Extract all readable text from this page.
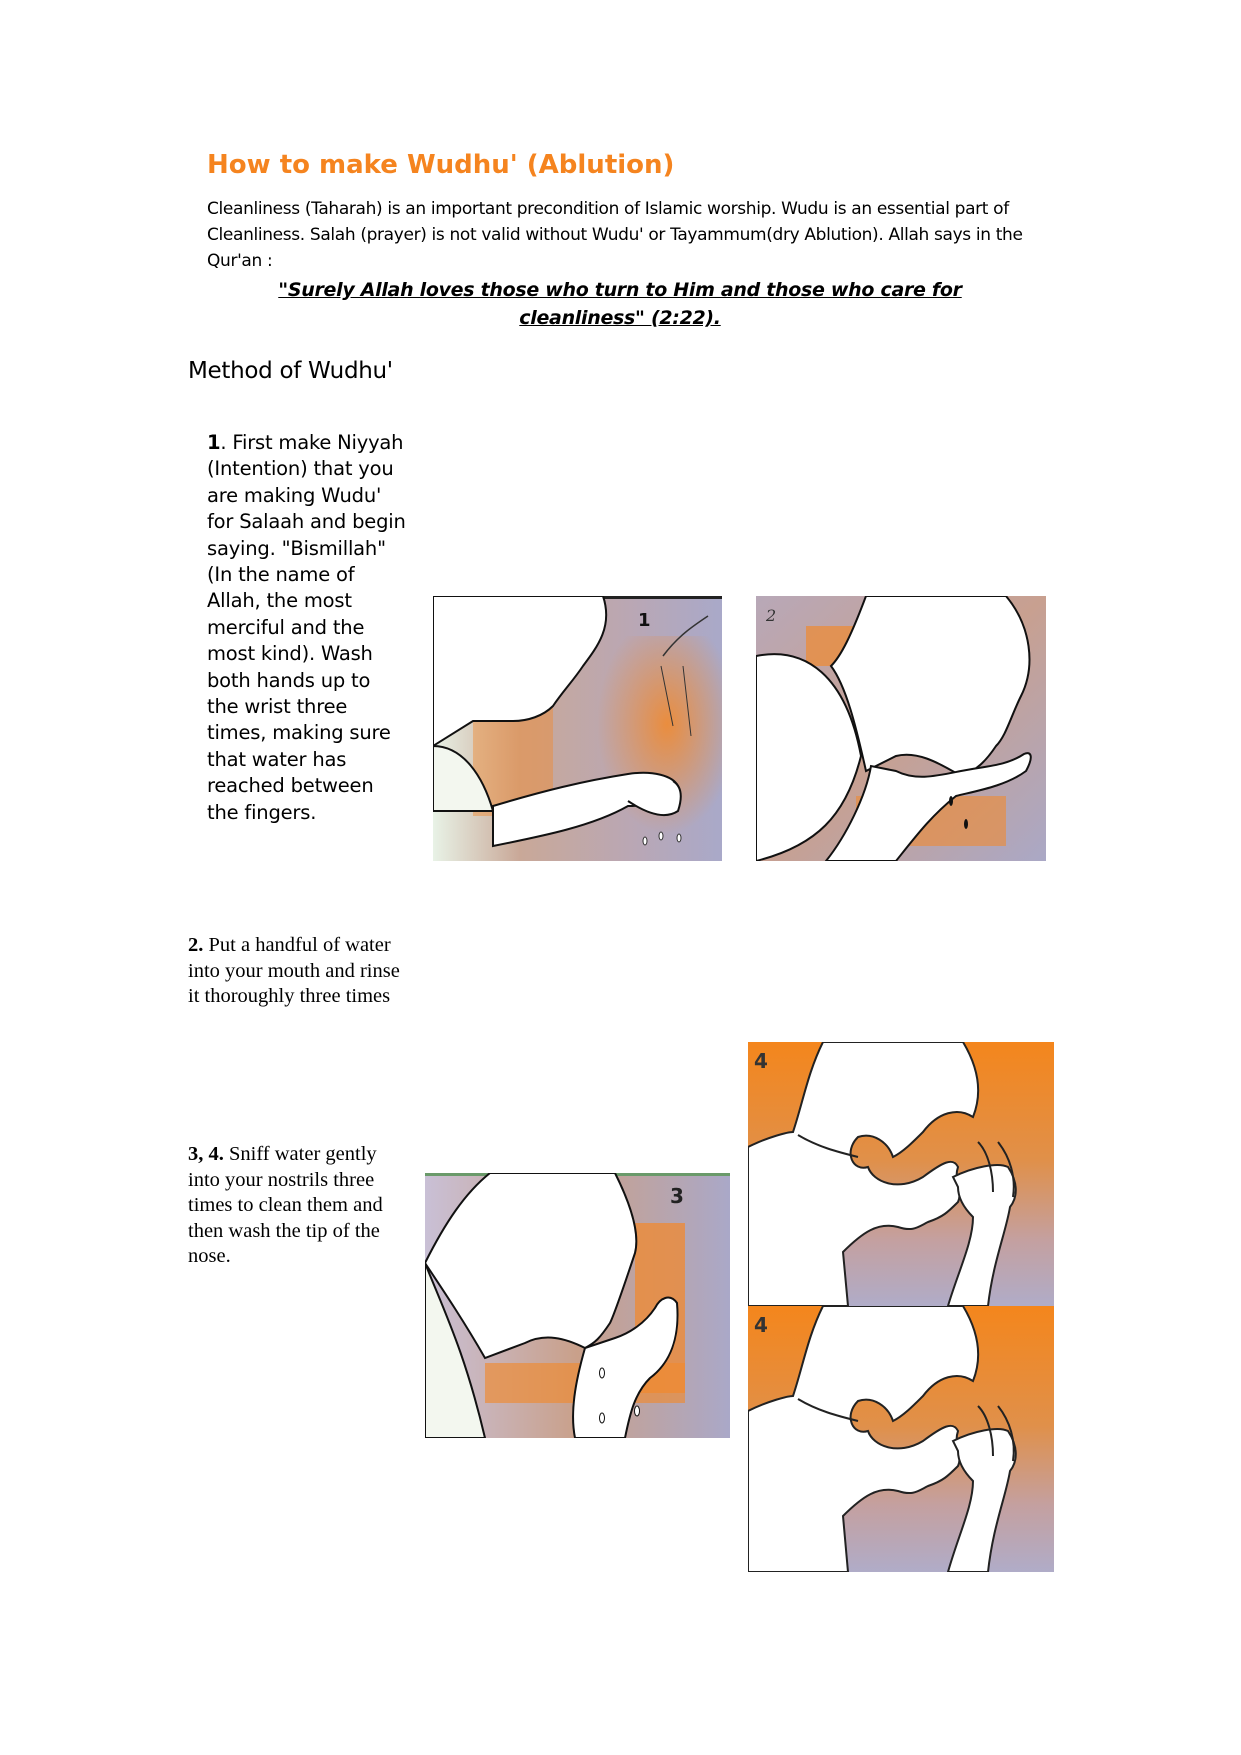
How to make Wudhu' (Ablution)
Cleanliness (Taharah) is an important precondition of Islamic worship. Wudu is an essential part of Cleanliness. Salah (prayer) is not valid without Wudu' or Tayammum(dry Ablution). Allah says in the Qur'an :
"Surely Allah loves those who turn to Him and those who care for cleanliness" (2:22).
Method of Wudhu'
1. First make Niyyah (Intention) that you are making Wudu' for Salaah and begin saying. "Bismillah" (In the name of Allah, the most merciful and the most kind). Wash both hands up to the wrist three times, making sure that water has reached between the fingers.
2. Put a handful of water into your mouth and rinse it thoroughly three times
3, 4. Sniff water gently into your nostrils three times to clean them and then wash the tip of the nose.
1	2
3
4
4
